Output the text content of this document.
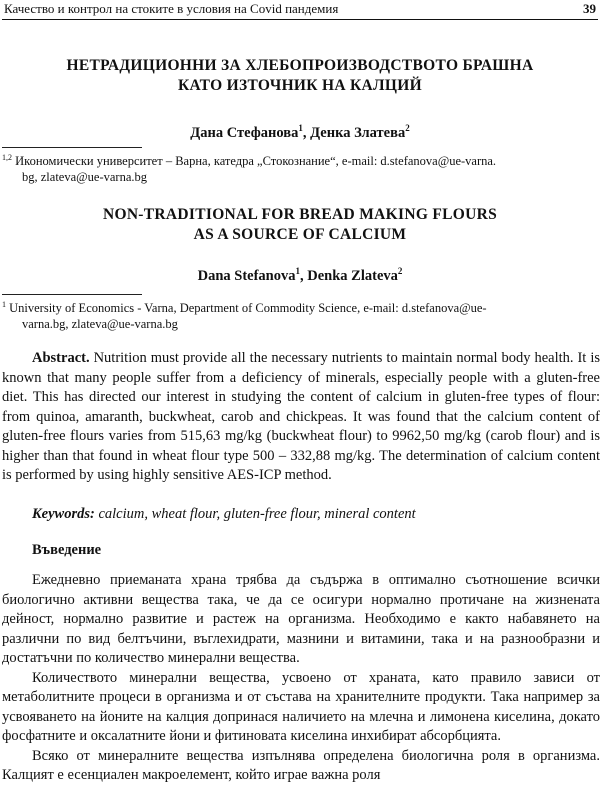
Качество и контрол на стоките в условия на Covid пандемия	39
НЕТРАДИЦИОННИ ЗА ХЛЕБОПРОИЗВОДСТВОТО БРАШНА
КАТО ИЗТОЧНИК НА КАЛЦИЙ
Дана Стефанова$^1$, Денка Златева$^2$
$^{1,2}$ Икономически университет – Варна, катедра „Стокознание“, e-mail: d.stefanova@ue-varna.
bg, zlateva@ue-varna.bg
NON-TRADITIONAL FOR BREAD MAKING FLOURS
AS A SOURCE OF CALCIUM
Dana Stefanova$^1$, Denka Zlateva$^2$
$^1$ University of Economics - Varna, Department of Commodity Science, e-mail: d.stefanova@ue-
varna.bg, zlateva@ue-varna.bg

Abstract. Nutrition must provide all the necessary nutrients to maintain normal body health. It is known that many people suffer from a deficiency of minerals, especially people with a gluten-free diet. This has directed our interest in studying the content of calcium in gluten-free types of flour: from quinoa, amaranth, buckwheat, carob and chickpeas. It was found that the calcium content of gluten-free flours varies from 515,63 mg/kg (buckwheat flour) to 9962,50 mg/kg (carob flour) and is higher than that found in wheat flour type 500 – 332,88 mg/kg. The determination of calcium content is performed by using highly sensitive AES-ICP method.

Keywords: calcium, wheat flour, gluten-free flour, mineral content
Въведение

Ежедневно приеманата храна трябва да съдържа в оптимално съотношение всички биологично активни вещества така, че да се осигури нормално протичане на жизнената дейност, нормално развитие и растеж на организма. Необходимо е както набавянето на различни по вид белтъчини, въглехидрати, мазнини и витамини, така и на разнообразни и достатъчни по количество минерални вещества.

Количеството минерални вещества, усвоено от храната, като правило зависи от метаболитните процеси в организма и от състава на хранителните продукти. Така например за усвояването на йоните на калция допринася наличието на млечна и лимонена киселина, докато фосфатните и оксалатните йони и фитиновата киселина инхибират абсорбцията.

Всяко от минералните вещества изпълнява определена биологична роля в организма. Калцият е есенциален макроелемент, който играе важна роля
